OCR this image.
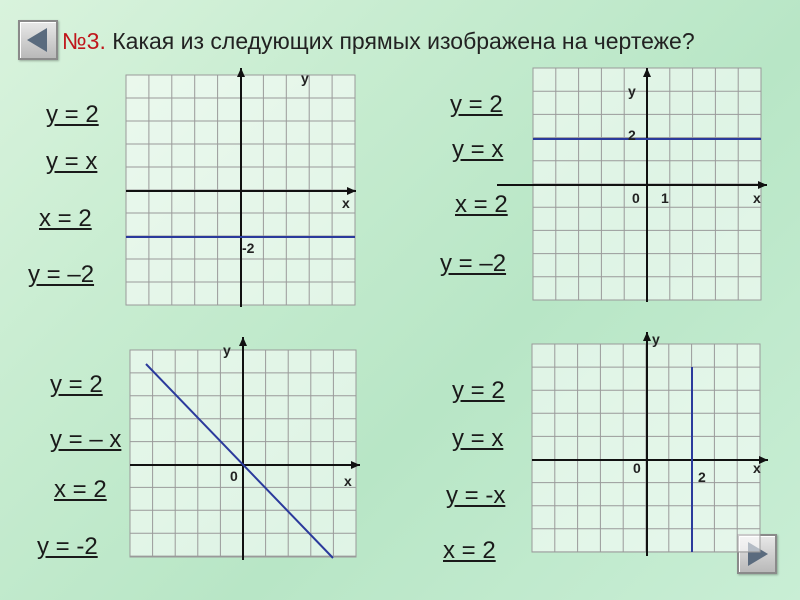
№3. Какая из следующих прямых изображена на чертеже?
у
х
-2
у
2
0 1	х
у
0	х
у
0
2
х
у = 2
у = х
х = 2
у = –2
у = 2
у = х
х = 2
у = –2
у = 2
у = – х
х = 2
у = -2
у = 2
у = х
у = -х
х = 2
